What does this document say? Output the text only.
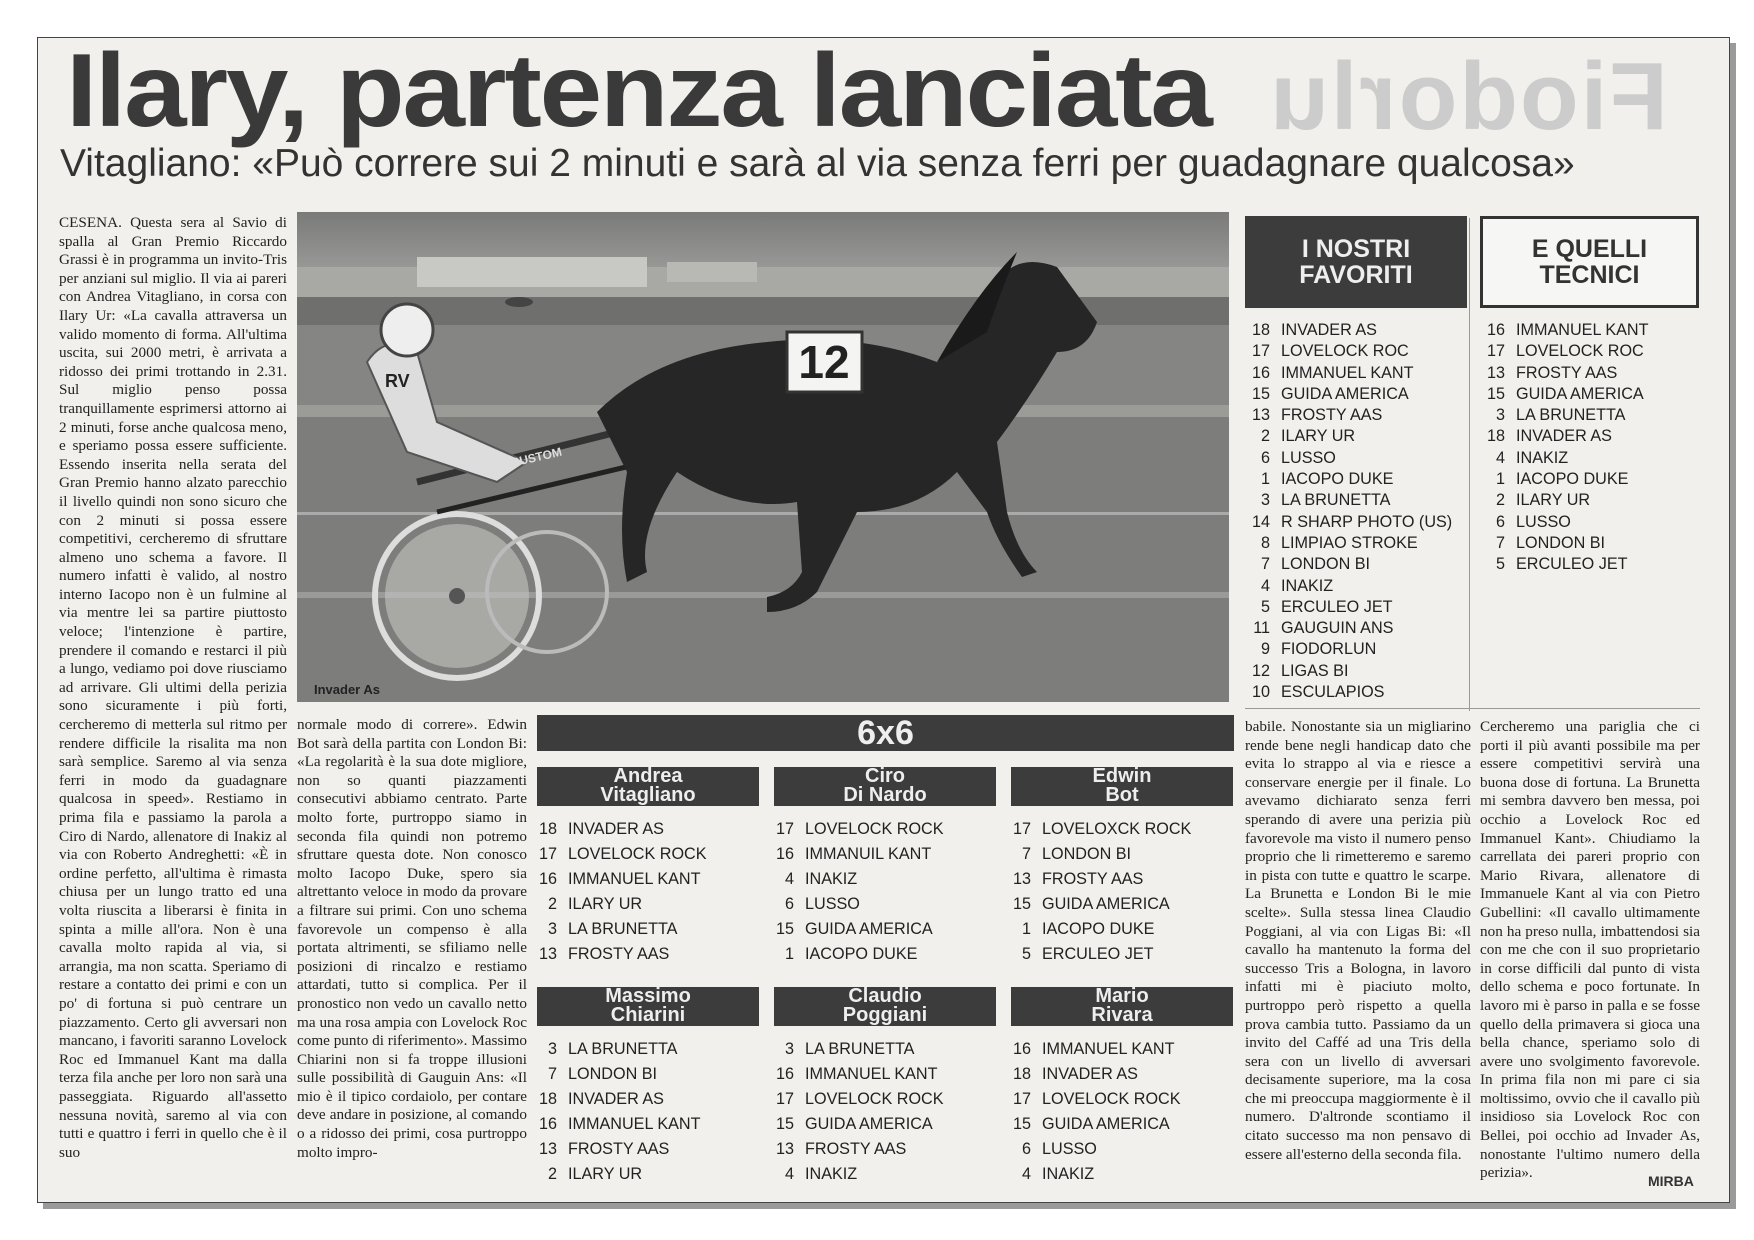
Fiodorlu
Ilary, partenza lanciata
Vitagliano: «Può correre sui 2 minuti e sarà al via senza ferri per guadagnare qualcosa»

CESENA. Questa sera al Savio di spalla al Gran Premio Riccardo Grassi è in programma un invito-Tris per anziani sul miglio. Il via ai pareri con Andrea Vitagliano, in corsa con Ilary Ur: «La cavalla attraversa un valido momento di forma. All'ultima uscita, sui 2000 metri, è arrivata a ridosso dei primi trottando in 2.31. Sul miglio penso possa tranquillamente esprimersi attorno ai 2 minuti, forse anche qualcosa meno, e speriamo possa essere sufficiente. Essendo inserita nella serata del Gran Premio hanno alzato parecchio il livello quindi non sono sicuro che con 2 minuti si possa essere competitivi, cercheremo di sfruttare almeno uno schema a favore. Il numero infatti è valido, al nostro interno Iacopo non è un fulmine al via mentre lei sa partire piuttosto veloce; l'intenzione è partire, prendere il comando e restarci il più a lungo, vediamo poi dove riusciamo ad arrivare. Gli ultimi della perizia sono sicuramente i più forti, cercheremo di metterla sul ritmo per rendere difficile la risalita ma non sarà semplice. Saremo al via senza ferri in modo da guadagnare qualcosa in speed». Restiamo in prima fila e passiamo la parola a Ciro di Nardo, allenatore di Inakiz al via con Roberto Andreghetti: «È in ordine perfetto, all'ultima è rimasta chiusa per un lungo tratto ed una volta riuscita a liberarsi è finita in spinta a mille all'ora. Non è una cavalla molto rapida al via, si arrangia, ma non scatta. Speriamo di restare a contatto dei primi e con un po' di fortuna si può centrare un piazzamento. Certo gli avversari non mancano, i favoriti saranno Lovelock Roc ed Immanuel Kant ma dalla terza fila anche per loro non sarà una passeggiata. Riguardo all'assetto nessuna novità, saremo al via con tutti e quattro i ferri in quello che è il suo

normale modo di correre». Edwin Bot sarà della partita con London Bi: «La regolarità è la sua dote migliore, non so quanti piazzamenti consecutivi abbiamo centrato. Parte molto forte, purtroppo siamo in seconda fila quindi non potremo sfruttare questa dote. Non conosco molto Iacopo Duke, spero sia altrettanto veloce in modo da provare a filtrare sui primi. Con uno schema favorevole un compenso è alla portata altrimenti, se sfiliamo nelle posizioni di rincalzo e restiamo attardati, tutto si complica. Per il pronostico non vedo un cavallo netto ma una rosa ampia con Lovelock Roc come punto di riferimento». Massimo Chiarini non si fa troppe illusioni sulle possibilità di Gauguin Ans: «Il mio è il tipico cordaiolo, per contare deve andare in posizione, al comando o a ridosso dei primi, cosa purtroppo molto impro-

babile. Nonostante sia un migliarino rende bene negli handicap dato che evita lo strappo al via e riesce a conservare energie per il finale. Lo avevamo dichiarato senza ferri sperando di avere una perizia più favorevole ma visto il numero penso proprio che li rimetteremo e saremo in pista con tutte e quattro le scarpe. La Brunetta e London Bi le mie scelte». Sulla stessa linea Claudio Poggiani, al via con Ligas Bi: «Il cavallo ha mantenuto la forma del successo Tris a Bologna, in lavoro infatti mi è piaciuto molto, purtroppo però rispetto a quella prova cambia tutto. Passiamo da un invito del Caffé ad una Tris della sera con un livello di avversari decisamente superiore, ma la cosa che mi preoccupa maggiormente è il numero. D'altronde scontiamo il citato successo ma non pensavo di essere all'esterno della seconda fila.

Cercheremo una pariglia che ci porti il più avanti possibile ma per essere competitivi servirà una buona dose di fortuna. La Brunetta mi sembra davvero ben messa, poi occhio a Lovelock Roc ed Immanuel Kant». Chiudiamo la carrellata dei pareri proprio con Mario Rivara, allenatore di Immanuele Kant al via con Pietro Gubellini: «Il cavallo ultimamente non ha preso nulla, imbattendosi sia con me che con il suo proprietario in corse difficili dal punto di vista dello schema e poco fortunate. In lavoro mi è parso in palla e se fosse quello della primavera si gioca una bella chance, speriamo solo di avere uno svolgimento favorevole. In prima fila non mi pare ci sia moltissimo, ovvio che il cavallo più insidioso sia Lovelock Roc con Bellei, poi occhio ad Invader As, nonostante l'ultimo numero della perizia».

RV	12
CUSTOM
Invader As
I NOSTRI
FAVORITI
E QUELLI
TECNICI
18 INVADER AS
17 LOVELOCK ROC
16 IMMANUEL KANT
15 GUIDA AMERICA
13 FROSTY AAS
2 ILARY UR
6 LUSSO
1 IACOPO DUKE
3 LA BRUNETTA
14 R SHARP PHOTO (US)
8 LIMPIAO STROKE
7 LONDON BI
4 INAKIZ
5 ERCULEO JET
11 GAUGUIN ANS
9 FIODORLUN
12 LIGAS BI
10 ESCULAPIOS
16 IMMANUEL KANT
17 LOVELOCK ROC
13 FROSTY AAS
15 GUIDA AMERICA
3 LA BRUNETTA
18 INVADER AS
4 INAKIZ
1 IACOPO DUKE
2 ILARY UR
6 LUSSO
7 LONDON BI
5 ERCULEO JET
6x6
Andrea
Vitagliano
18 INVADER AS
17 LOVELOCK ROCK
16 IMMANUEL KANT
2 ILARY UR
3 LA BRUNETTA
13 FROSTY AAS
Ciro
Di Nardo
17 LOVELOCK ROCK
16 IMMANUIL KANT
4 INAKIZ
6 LUSSO
15 GUIDA AMERICA
1 IACOPO DUKE
Edwin
Bot
17 LOVELOXCK ROCK
7 LONDON BI
13 FROSTY AAS
15 GUIDA AMERICA
1 IACOPO DUKE
5 ERCULEO JET
Massimo
Chiarini
3 LA BRUNETTA
7 LONDON BI
18 INVADER AS
16 IMMANUEL KANT
13 FROSTY AAS
2 ILARY UR
Claudio
Poggiani
3 LA BRUNETTA
16 IMMANUEL KANT
17 LOVELOCK ROCK
15 GUIDA AMERICA
13 FROSTY AAS
4 INAKIZ
Mario
Rivara
16 IMMANUEL KANT
18 INVADER AS
17 LOVELOCK ROCK
15 GUIDA AMERICA
6 LUSSO
4 INAKIZ	MIRBA
